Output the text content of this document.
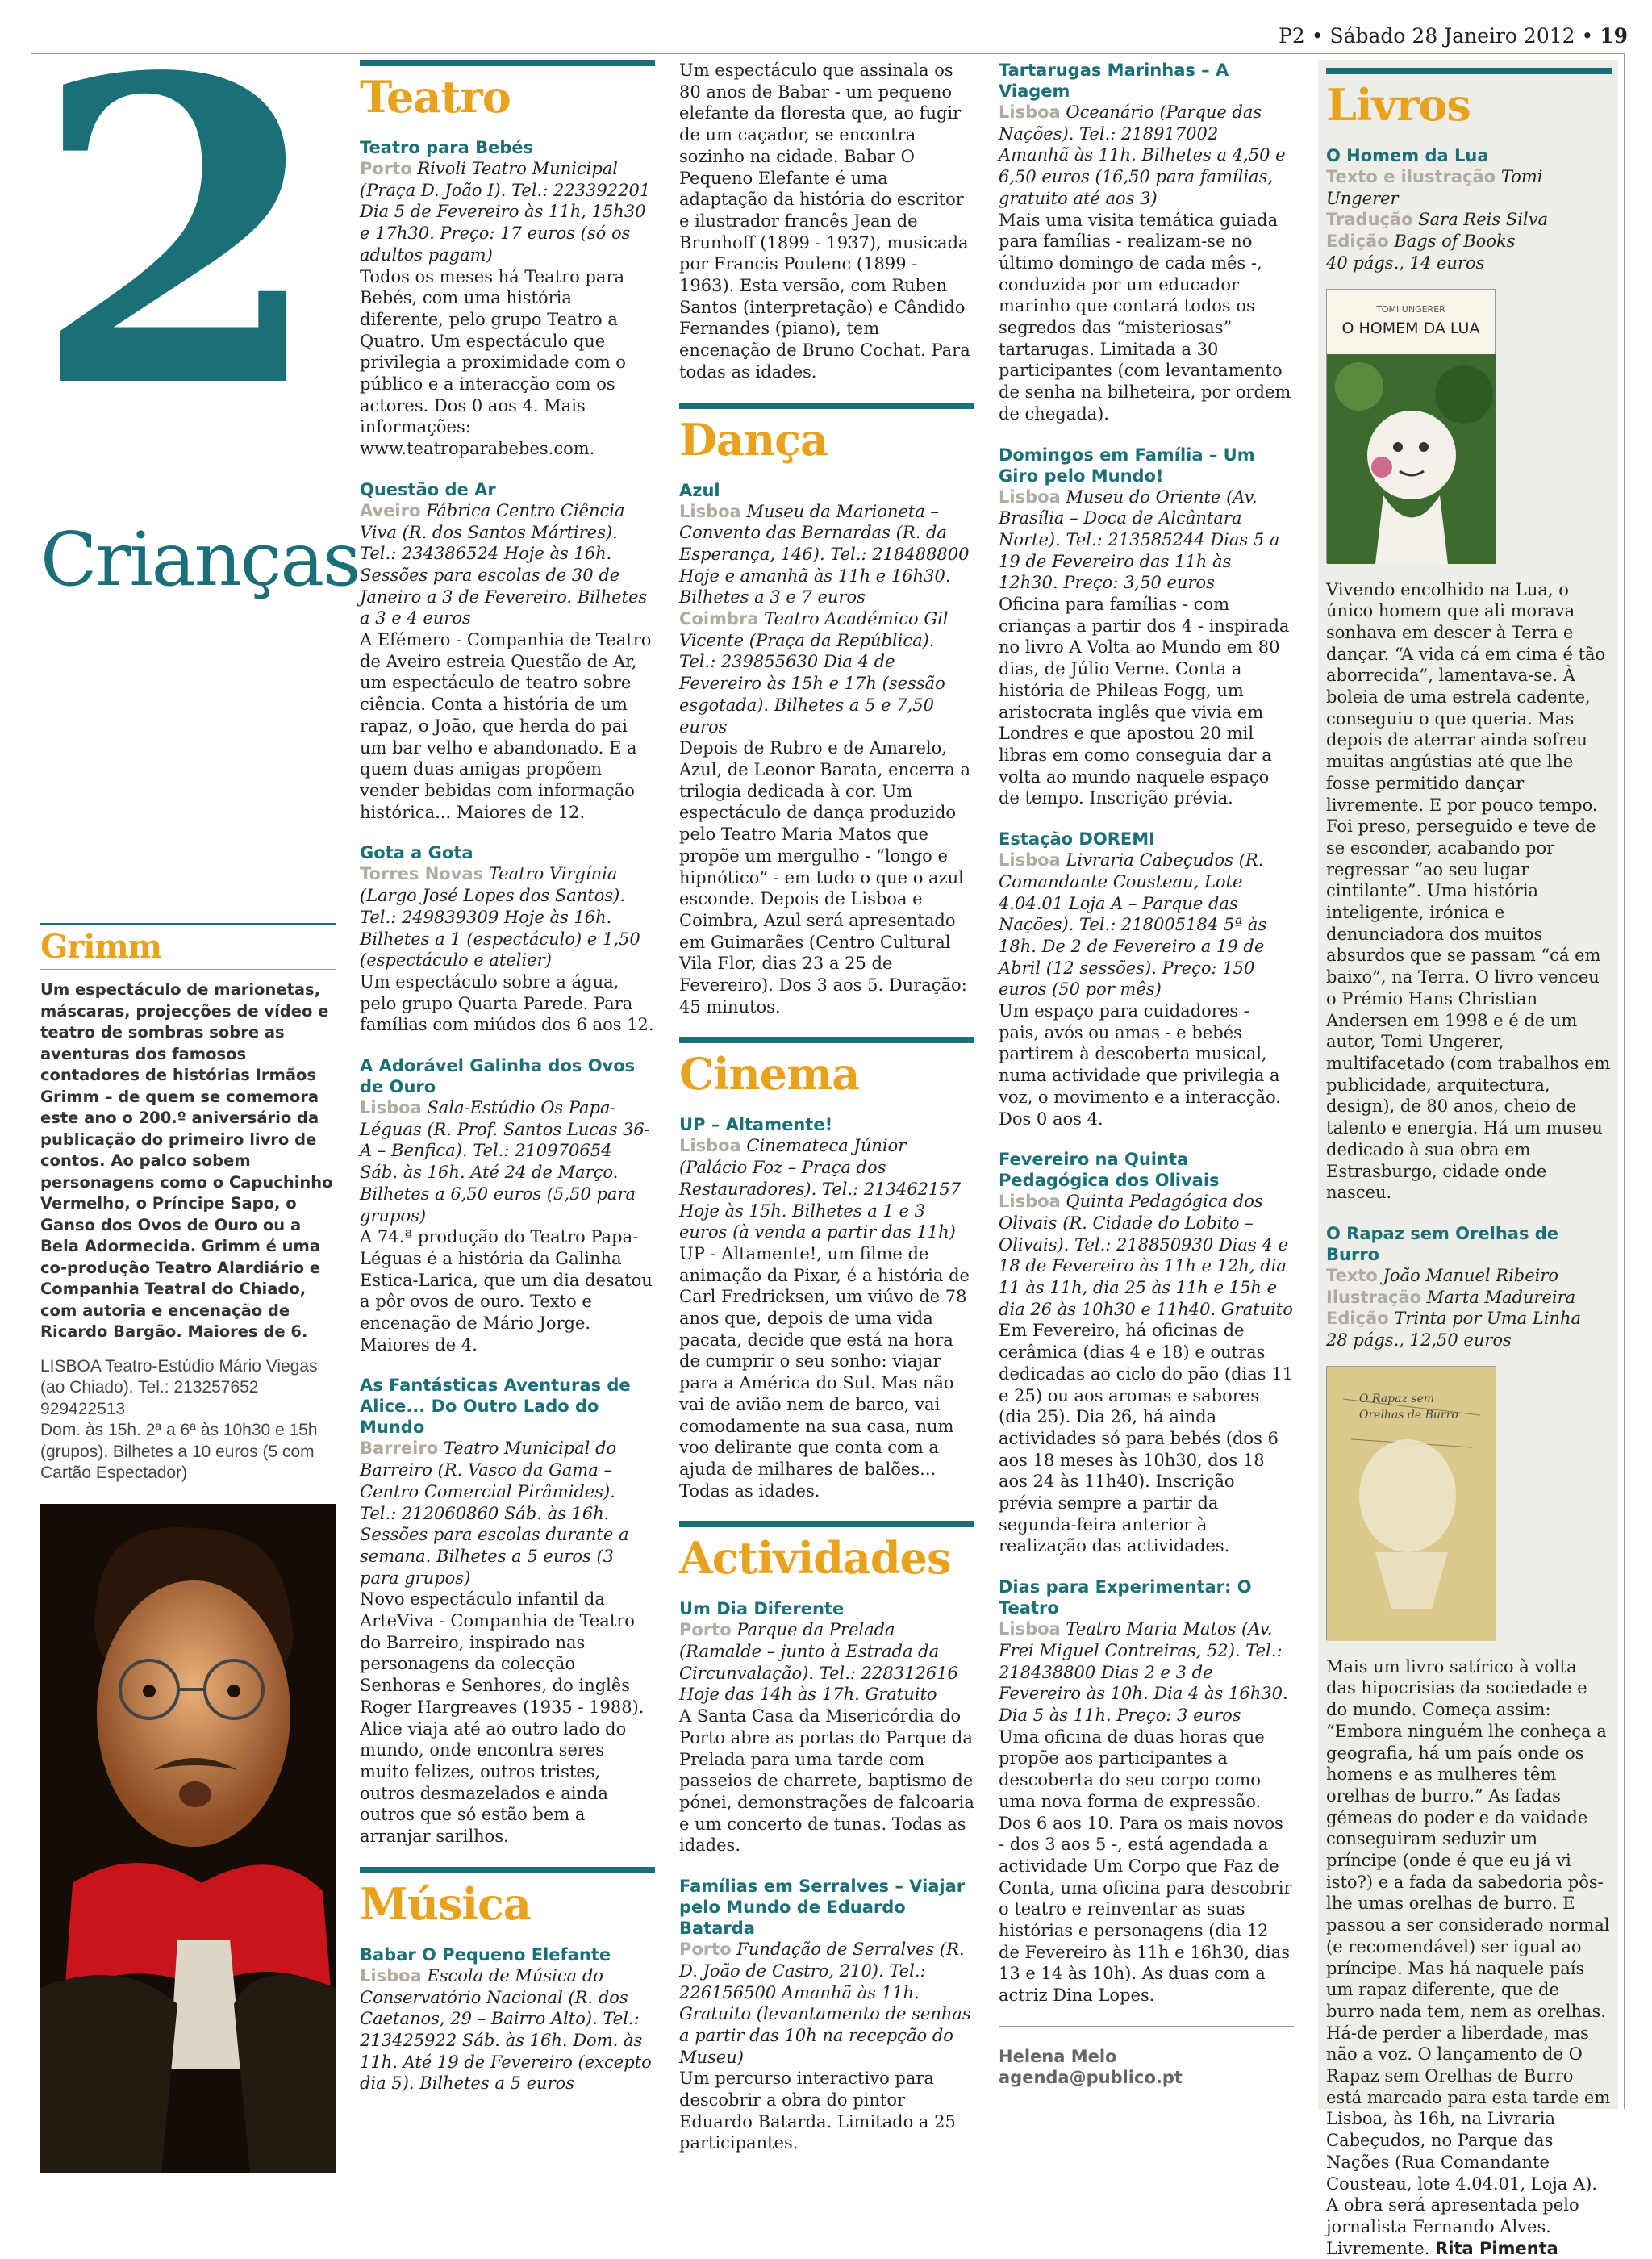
P2 • Sábado 28 Janeiro 2012 • 19
2
Crianças
Grimm
Um espectáculo de marionetas, máscaras, projecções de vídeo e teatro de sombras sobre as aventuras dos famosos contadores de histórias Irmãos Grimm – de quem se comemora este ano o 200.º aniversário da publicação do primeiro livro de contos. Ao palco sobem personagens como o Capuchinho Vermelho, o Príncipe Sapo, o Ganso dos Ovos de Ouro ou a Bela Adormecida. Grimm é uma co-produção Teatro Alardiário e Companhia Teatral do Chiado, com autoria e encenação de Ricardo Bargão. Maiores de 6.
LISBOA Teatro-Estúdio Mário Viegas (ao Chiado). Tel.: 213257652 929422513
Dom. às 15h. 2ª a 6ª às 10h30 e 15h (grupos). Bilhetes a 10 euros (5 com Cartão Espectador)
Teatro
Teatro para Bebés
Porto Rivoli Teatro Municipal (Praça D. João I). Tel.: 223392201 Dia 5 de Fevereiro às 11h, 15h30 e 17h30. Preço: 17 euros (só os adultos pagam)
Todos os meses há Teatro para Bebés, com uma história diferente, pelo grupo Teatro a Quatro. Um espectáculo que privilegia a proximidade com o público e a interacção com os actores. Dos 0 aos 4. Mais informações: www.teatroparabebes.com.
Questão de Ar
Aveiro Fábrica Centro Ciência Viva (R. dos Santos Mártires). Tel.: 234386524 Hoje às 16h. Sessões para escolas de 30 de Janeiro a 3 de Fevereiro. Bilhetes a 3 e 4 euros
A Efémero - Companhia de Teatro de Aveiro estreia Questão de Ar, um espectáculo de teatro sobre ciência. Conta a história de um rapaz, o João, que herda do pai um bar velho e abandonado. E a quem duas amigas propõem vender bebidas com informação histórica... Maiores de 12.
Gota a Gota
Torres Novas Teatro Virgínia (Largo José Lopes dos Santos). Tel.: 249839309 Hoje às 16h. Bilhetes a 1 (espectáculo) e 1,50 (espectáculo e atelier)
Um espectáculo sobre a água, pelo grupo Quarta Parede. Para famílias com miúdos dos 6 aos 12.
A Adorável Galinha dos Ovos de Ouro
Lisboa Sala-Estúdio Os Papa-Léguas (R. Prof. Santos Lucas 36-A – Benfica). Tel.: 210970654 Sáb. às 16h. Até 24 de Março. Bilhetes a 6,50 euros (5,50 para grupos)
A 74.ª produção do Teatro Papa-Léguas é a história da Galinha Estica-Larica, que um dia desatou a pôr ovos de ouro. Texto e encenação de Mário Jorge. Maiores de 4.
As Fantásticas Aventuras de Alice... Do Outro Lado do Mundo
Barreiro Teatro Municipal do Barreiro (R. Vasco da Gama – Centro Comercial Pirâmides). Tel.: 212060860 Sáb. às 16h. Sessões para escolas durante a semana. Bilhetes a 5 euros (3 para grupos)
Novo espectáculo infantil da ArteViva - Companhia de Teatro do Barreiro, inspirado nas personagens da colecção Senhoras e Senhores, do inglês Roger Hargreaves (1935 - 1988). Alice viaja até ao outro lado do mundo, onde encontra seres muito felizes, outros tristes, outros desmazelados e ainda outros que só estão bem a arranjar sarilhos.
Música
Babar O Pequeno Elefante
Lisboa Escola de Música do Conservatório Nacional (R. dos Caetanos, 29 – Bairro Alto). Tel.: 213425922 Sáb. às 16h. Dom. às 11h. Até 19 de Fevereiro (excepto dia 5). Bilhetes a 5 euros
Um espectáculo que assinala os 80 anos de Babar - um pequeno elefante da floresta que, ao fugir de um caçador, se encontra sozinho na cidade. Babar O Pequeno Elefante é uma adaptação da história do escritor e ilustrador francês Jean de Brunhoff (1899 - 1937), musicada por Francis Poulenc (1899 - 1963). Esta versão, com Ruben Santos (interpretação) e Cândido Fernandes (piano), tem encenação de Bruno Cochat. Para todas as idades.
Dança
Azul
Lisboa Museu da Marioneta – Convento das Bernardas (R. da Esperança, 146). Tel.: 218488800 Hoje e amanhã às 11h e 16h30. Bilhetes a 3 e 7 euros
Coimbra Teatro Académico Gil Vicente (Praça da República). Tel.: 239855630 Dia 4 de Fevereiro às 15h e 17h (sessão esgotada). Bilhetes a 5 e 7,50 euros
Depois de Rubro e de Amarelo, Azul, de Leonor Barata, encerra a trilogia dedicada à cor. Um espectáculo de dança produzido pelo Teatro Maria Matos que propõe um mergulho - “longo e hipnótico” - em tudo o que o azul esconde. Depois de Lisboa e Coimbra, Azul será apresentado em Guimarães (Centro Cultural Vila Flor, dias 23 a 25 de Fevereiro). Dos 3 aos 5. Duração: 45 minutos.
Cinema
UP – Altamente!
Lisboa Cinemateca Júnior (Palácio Foz – Praça dos Restauradores). Tel.: 213462157 Hoje às 15h. Bilhetes a 1 e 3 euros (à venda a partir das 11h)
UP - Altamente!, um filme de animação da Pixar, é a história de Carl Fredricksen, um viúvo de 78 anos que, depois de uma vida pacata, decide que está na hora de cumprir o seu sonho: viajar para a América do Sul. Mas não vai de avião nem de barco, vai comodamente na sua casa, num voo delirante que conta com a ajuda de milhares de balões... Todas as idades.
Actividades
Um Dia Diferente
Porto Parque da Prelada (Ramalde – junto à Estrada da Circunvalação). Tel.: 228312616 Hoje das 14h às 17h. Gratuito
A Santa Casa da Misericórdia do Porto abre as portas do Parque da Prelada para uma tarde com passeios de charrete, baptismo de pónei, demonstrações de falcoaria e um concerto de tunas. Todas as idades.
Famílias em Serralves – Viajar pelo Mundo de Eduardo Batarda
Porto Fundação de Serralves (R. D. João de Castro, 210). Tel.: 226156500 Amanhã às 11h. Gratuito (levantamento de senhas a partir das 10h na recepção do Museu)
Um percurso interactivo para descobrir a obra do pintor Eduardo Batarda. Limitado a 25 participantes.
Tartarugas Marinhas – A Viagem
Lisboa Oceanário (Parque das Nações). Tel.: 218917002 Amanhã às 11h. Bilhetes a 4,50 e 6,50 euros (16,50 para famílias, gratuito até aos 3)
Mais uma visita temática guiada para famílias - realizam-se no último domingo de cada mês -, conduzida por um educador marinho que contará todos os segredos das “misteriosas” tartarugas. Limitada a 30 participantes (com levantamento de senha na bilheteira, por ordem de chegada).
Domingos em Família – Um Giro pelo Mundo!
Lisboa Museu do Oriente (Av. Brasília – Doca de Alcântara Norte). Tel.: 213585244 Dias 5 a 19 de Fevereiro das 11h às 12h30. Preço: 3,50 euros
Oficina para famílias - com crianças a partir dos 4 - inspirada no livro A Volta ao Mundo em 80 dias, de Júlio Verne. Conta a história de Phileas Fogg, um aristocrata inglês que vivia em Londres e que apostou 20 mil libras em como conseguia dar a volta ao mundo naquele espaço de tempo. Inscrição prévia.
Estação DOREMI
Lisboa Livraria Cabeçudos (R. Comandante Cousteau, Lote 4.04.01 Loja A – Parque das Nações). Tel.: 218005184 5ª às 18h. De 2 de Fevereiro a 19 de Abril (12 sessões). Preço: 150 euros (50 por mês)
Um espaço para cuidadores - pais, avós ou amas - e bebés partirem à descoberta musical, numa actividade que privilegia a voz, o movimento e a interacção. Dos 0 aos 4.
Fevereiro na Quinta Pedagógica dos Olivais
Lisboa Quinta Pedagógica dos Olivais (R. Cidade do Lobito – Olivais). Tel.: 218850930 Dias 4 e 18 de Fevereiro às 11h e 12h, dia 11 às 11h, dia 25 às 11h e 15h e dia 26 às 10h30 e 11h40. Gratuito
Em Fevereiro, há oficinas de cerâmica (dias 4 e 18) e outras dedicadas ao ciclo do pão (dias 11 e 25) ou aos aromas e sabores (dia 25). Dia 26, há ainda actividades só para bebés (dos 6 aos 18 meses às 10h30, dos 18 aos 24 às 11h40). Inscrição prévia sempre a partir da segunda-feira anterior à realização das actividades.
Dias para Experimentar: O Teatro
Lisboa Teatro Maria Matos (Av. Frei Miguel Contreiras, 52). Tel.: 218438800 Dias 2 e 3 de Fevereiro às 10h. Dia 4 às 16h30. Dia 5 às 11h. Preço: 3 euros
Uma oficina de duas horas que propõe aos participantes a descoberta do seu corpo como uma nova forma de expressão. Dos 6 aos 10. Para os mais novos - dos 3 aos 5 -, está agendada a actividade Um Corpo que Faz de Conta, uma oficina para descobrir o teatro e reinventar as suas histórias e personagens (dia 12 de Fevereiro às 11h e 16h30, dias 13 e 14 às 10h). As duas com a actriz Dina Lopes.
Helena Melo
agenda@publico.pt
Livros
O Homem da Lua
Texto e ilustração Tomi Ungerer
Tradução Sara Reis Silva
Edição Bags of Books
40 págs., 14 euros
TOMI UNGERER
O HOMEM DA LUA
Vivendo encolhido na Lua, o único homem que ali morava sonhava em descer à Terra e dançar. “A vida cá em cima é tão aborrecida”, lamentava-se. À boleia de uma estrela cadente, conseguiu o que queria. Mas depois de aterrar ainda sofreu muitas angústias até que lhe fosse permitido dançar livremente. E por pouco tempo. Foi preso, perseguido e teve de se esconder, acabando por regressar “ao seu lugar cintilante”. Uma história inteligente, irónica e denunciadora dos muitos absurdos que se passam “cá em baixo”, na Terra. O livro venceu o Prémio Hans Christian Andersen em 1998 e é de um autor, Tomi Ungerer, multifacetado (com trabalhos em publicidade, arquitectura, design), de 80 anos, cheio de talento e energia. Há um museu dedicado à sua obra em Estrasburgo, cidade onde nasceu.
O Rapaz sem Orelhas de Burro
Texto João Manuel Ribeiro
Ilustração Marta Madureira
Edição Trinta por Uma Linha
28 págs., 12,50 euros
O Rapaz sem Orelhas de Burro
Mais um livro satírico à volta das hipocrisias da sociedade e do mundo. Começa assim: “Embora ninguém lhe conheça a geografia, há um país onde os homens e as mulheres têm orelhas de burro.” As fadas gémeas do poder e da vaidade conseguiram seduzir um príncipe (onde é que eu já vi isto?) e a fada da sabedoria pôs-lhe umas orelhas de burro. E passou a ser considerado normal (e recomendável) ser igual ao príncipe. Mas há naquele país um rapaz diferente, que de burro nada tem, nem as orelhas. Há-de perder a liberdade, mas não a voz. O lançamento de O Rapaz sem Orelhas de Burro está marcado para esta tarde em Lisboa, às 16h, na Livraria Cabeçudos, no Parque das Nações (Rua Comandante Cousteau, lote 4.04.01, Loja A). A obra será apresentada pelo jornalista Fernando Alves. Livremente. Rita Pimenta
